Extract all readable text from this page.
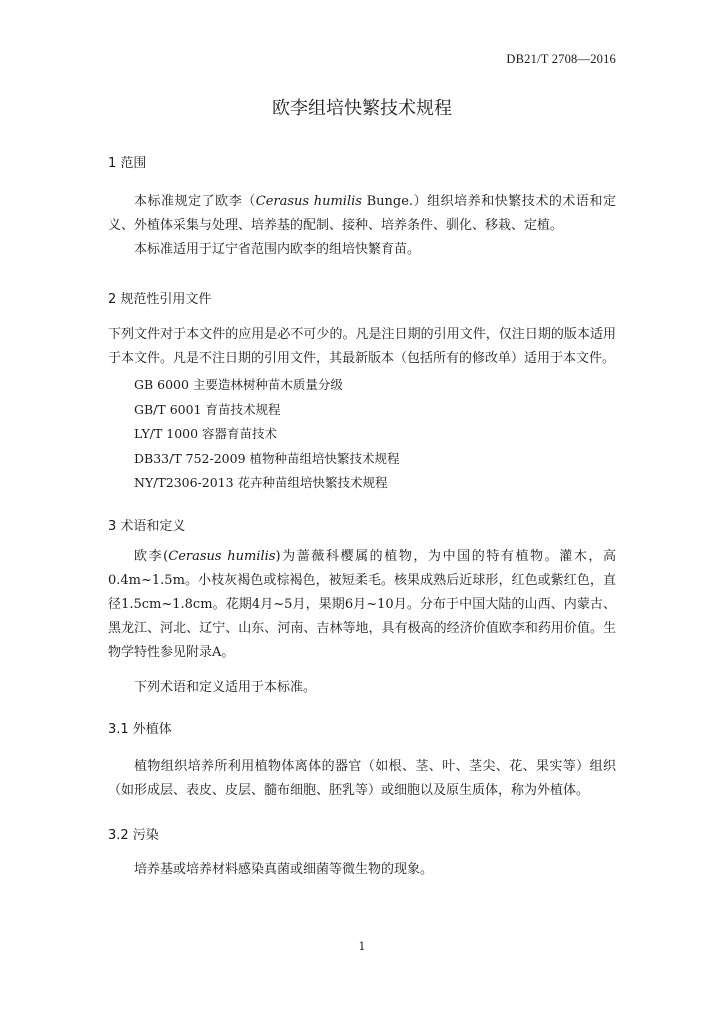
DB21/T 2708—2016
欧李组培快繁技术规程
1 范围

本标准规定了欧李（Cerasus humilis Bunge.）组织培养和快繁技术的术语和定义、外植体采集与处理、培养基的配制、接种、培养条件、驯化、移栽、定植。

本标准适用于辽宁省范围内欧李的组培快繁育苗。

2 规范性引用文件
下列文件对于本文件的应用是必不可少的。凡是注日期的引用文件，仅注日期的版本适用于本文件。凡是不注日期的引用文件，其最新版本（包括所有的修改单）适用于本文件。
GB 6000 主要造林树种苗木质量分级
GB/T 6001 育苗技术规程
LY/T 1000 容器育苗技术
DB33/T 752-2009 植物种苗组培快繁技术规程
NY/T2306-2013 花卉种苗组培快繁技术规程
3 术语和定义

欧李(Cerasus humilis)为蔷薇科樱属的植物，为中国的特有植物。灌木，高0.4m~1.5m。小枝灰褐色或棕褐色，被短柔毛。核果成熟后近球形，红色或紫红色，直径1.5cm~1.8cm。花期4月~5月，果期6月~10月。分布于中国大陆的山西、内蒙古、黑龙江、河北、辽宁、山东、河南、吉林等地，具有极高的经济价值欧李和药用价值。生物学特性参见附录A。

下列术语和定义适用于本标准。

3.1 外植体

植物组织培养所利用植物体离体的器官（如根、茎、叶、茎尖、花、果实等）组织（如形成层、表皮、皮层、髓布细胞、胚乳等）或细胞以及原生质体，称为外植体。

3.2 污染

培养基或培养材料感染真菌或细菌等微生物的现象。

1
